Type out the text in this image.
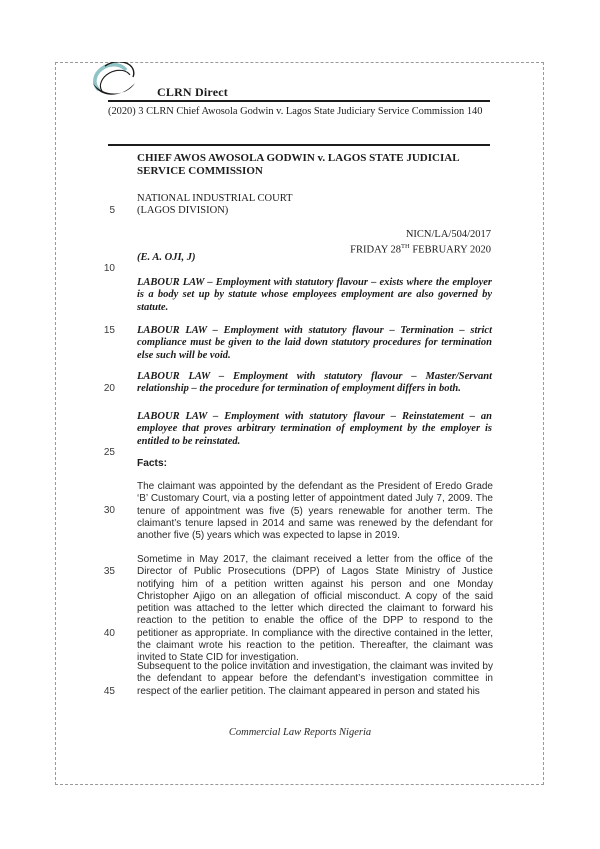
CLRN Direct
(2020) 3 CLRN Chief Awosola Godwin v. Lagos State Judiciary Service Commission 140
CHIEF AWOS AWOSOLA GODWIN v. LAGOS STATE JUDICIAL SERVICE COMMISSION
NATIONAL INDUSTRIAL COURT
(LAGOS DIVISION)
NICN/LA/504/2017
FRIDAY 28TH FEBRUARY 2020
(E. A. OJI, J)
LABOUR LAW – Employment with statutory flavour – exists where the employer is a body set up by statute whose employees employment are also governed by statute.
LABOUR LAW – Employment with statutory flavour – Termination – strict compliance must be given to the laid down statutory procedures for termination else such will be void.
LABOUR LAW – Employment with statutory flavour – Master/Servant relationship – the procedure for termination of employment differs in both.
LABOUR LAW – Employment with statutory flavour – Reinstatement – an employee that proves arbitrary termination of employment by the employer is entitled to be reinstated.
Facts:
The claimant was appointed by the defendant as the President of Eredo Grade ‘B’ Customary Court, via a posting letter of appointment dated July 7, 2009. The tenure of appointment was five (5) years renewable for another term. The claimant’s tenure lapsed in 2014 and same was renewed by the defendant for another five (5) years which was expected to lapse in 2019.
Sometime in May 2017, the claimant received a letter from the office of the Director of Public Prosecutions (DPP) of Lagos State Ministry of Justice notifying him of a petition written against his person and one Monday Christopher Ajigo on an allegation of official misconduct. A copy of the said petition was attached to the letter which directed the claimant to forward his reaction to the petition to enable the office of the DPP to respond to the petitioner as appropriate. In compliance with the directive contained in the letter, the claimant wrote his reaction to the petition. Thereafter, the claimant was invited to State CID for investigation.
Subsequent to the police invitation and investigation, the claimant was invited by the defendant to appear before the defendant’s investigation committee in respect of the earlier petition. The claimant appeared in person and stated his
5
10
15
20
25
30
35
40
45
Commercial Law Reports Nigeria
